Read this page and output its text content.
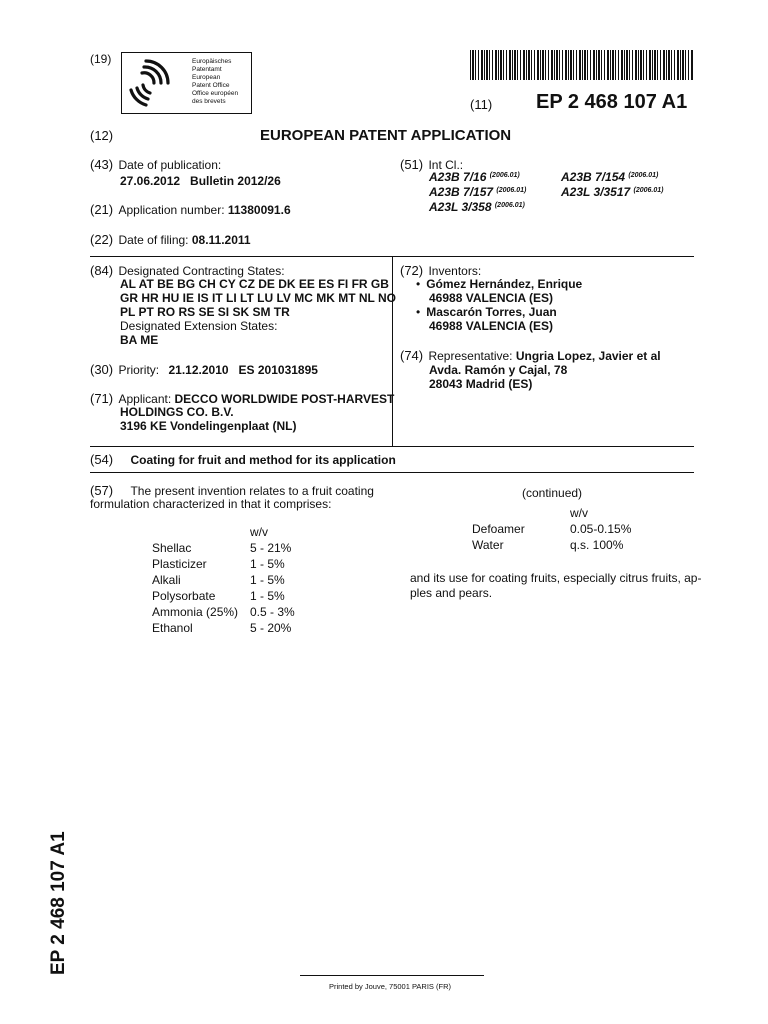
(19)	Europäisches
Patentamt
European
Patent Office
Office européen
des brevets	(11) EP 2 468 107 A1
(12)	EUROPEAN PATENT APPLICATION
(43) Date of publication:
27.06.2012   Bulletin 2012/26
(21) Application number: 11380091.6
(22) Date of filing: 08.11.2011
(51) Int Cl.:
A23B 7/16 $^{(2006.01)}$	A23B 7/154 $^{(2006.01)}$
A23B 7/157 $^{(2006.01)}$	A23L 3/3517 $^{(2006.01)}$
A23L 3/358 $^{(2006.01)}$
(84) Designated Contracting States:
AL AT BE BG CH CY CZ DE DK EE ES FI FR GB
GR HR HU IE IS IT LI LT LU LV MC MK MT NL NO
PL PT RO RS SE SI SK SM TR
Designated Extension States:
BA ME
(30) Priority: 21.12.2010   ES 201031895
(71) Applicant: DECCO WORLDWIDE POST-HARVEST
HOLDINGS CO. B.V.
3196 KE Vondelingenplaat (NL)
(72) Inventors:
• Gómez Hernández, Enrique
46988 VALENCIA (ES)
• Mascarón Torres, Juan
46988 VALENCIA (ES)
(74) Representative: Ungria Lopez, Javier et al
Avda. Ramón y Cajal, 78
28043 Madrid (ES)
(54) Coating for fruit and method for its application
(57) The present invention relates to a fruit coating
formulation characterized in that it comprises:
w/v
Shellac	5 - 21%
Plasticizer	1 - 5%
Alkali	1 - 5%
Polysorbate	1 - 5%
Ammonia (25%)	0.5 - 3%
Ethanol	5 - 20%
(continued)
w/v
Defoamer	0.05-0.15%
Water	q.s. 100%
and its use for coating fruits, especially citrus fruits, ap-
ples and pears.
EP 2 468 107 A1
Printed by Jouve, 75001 PARIS (FR)
